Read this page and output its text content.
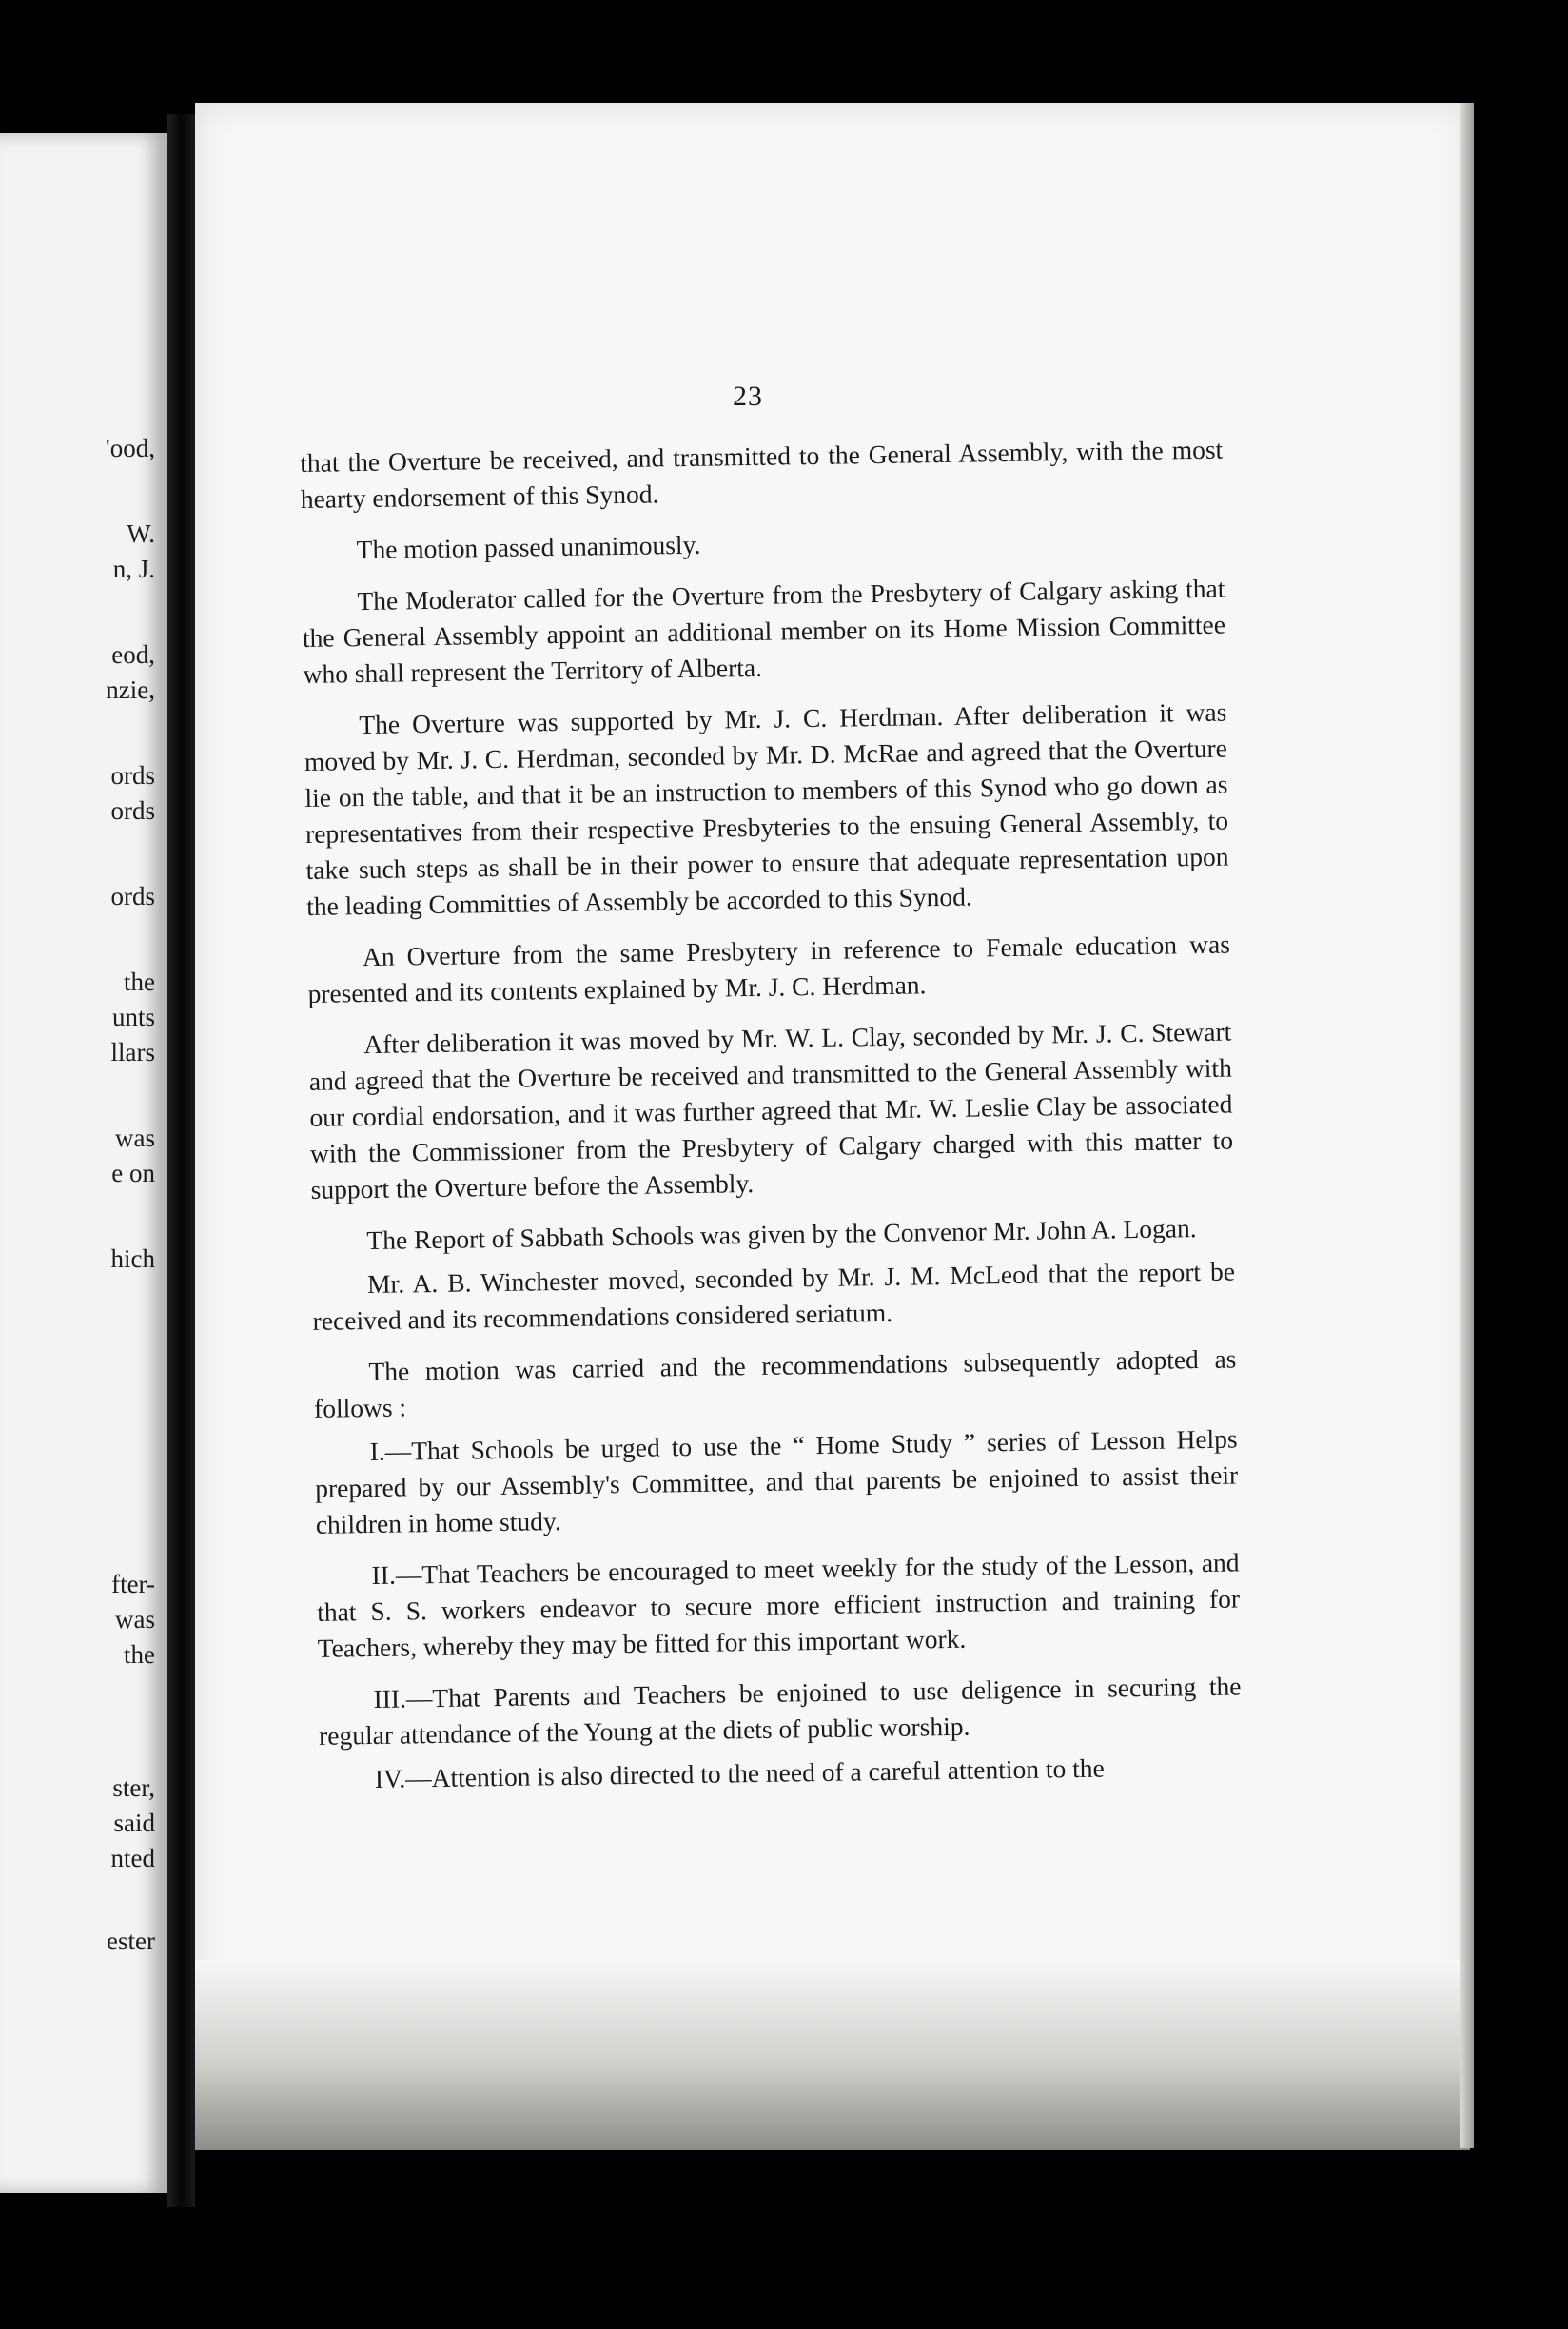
'ood,
W.
n, J.
eod,
nzie,
ords
ords
ords
the
unts
llars
was
e on
hich
fter-
was
the
ster,
said
nted
ester
23

that the Overture be received, and transmitted to the General Assembly, with the most hearty endorsement of this Synod.

The motion passed unanimously.

The Moderator called for the Overture from the Presbytery of Calgary asking that the General Assembly appoint an additional member on its Home Mission Committee who shall represent the Territory of Alberta.

The Overture was supported by Mr. J. C. Herdman. After deliberation it was moved by Mr. J. C. Herdman, seconded by Mr. D. McRae and agreed that the Overture lie on the table, and that it be an instruction to members of this Synod who go down as representatives from their respective Presbyteries to the ensuing General Assembly, to take such steps as shall be in their power to ensure that adequate representation upon the leading Committies of Assembly be accorded to this Synod.

An Overture from the same Presbytery in reference to Female education was presented and its contents explained by Mr. J. C. Herdman.

After deliberation it was moved by Mr. W. L. Clay, seconded by Mr. J. C. Stewart and agreed that the Overture be received and transmitted to the General Assembly with our cordial endorsation, and it was further agreed that Mr. W. Leslie Clay be associated with the Commissioner from the Presbytery of Calgary charged with this matter to support the Overture before the Assembly.

The Report of Sabbath Schools was given by the Convenor Mr. John A. Logan.

Mr. A. B. Winchester moved, seconded by Mr. J. M. McLeod that the report be received and its recommendations considered seriatum.

The motion was carried and the recommendations subsequently adopted as follows :

I.—That Schools be urged to use the “ Home Study ” series of Lesson Helps prepared by our Assembly's Committee, and that parents be enjoined to assist their children in home study.

II.—That Teachers be encouraged to meet weekly for the study of the Lesson, and that S. S. workers endeavor to secure more efficient instruction and training for Teachers, whereby they may be fitted for this important work.

III.—That Parents and Teachers be enjoined to use deligence in securing the regular attendance of the Young at the diets of public worship.

IV.—Attention is also directed to the need of a careful attention to the
